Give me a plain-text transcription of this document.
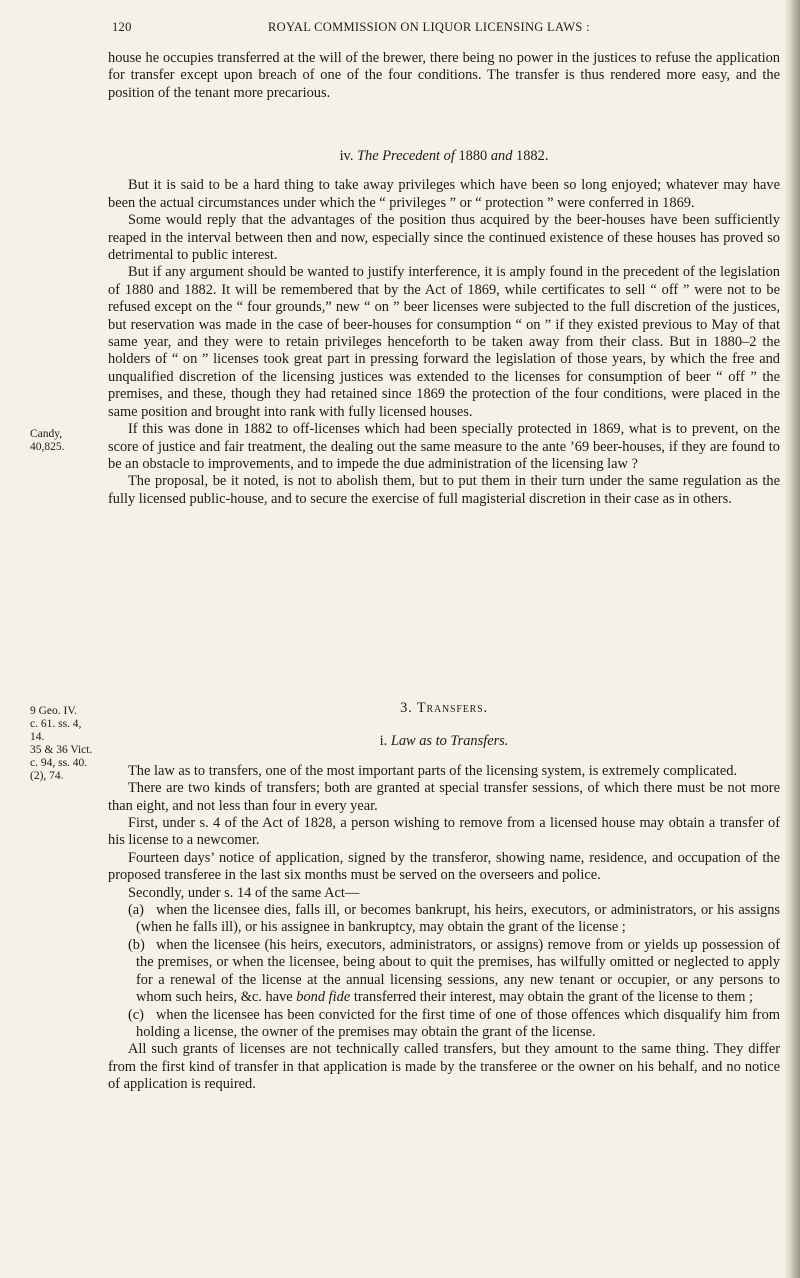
120	ROYAL COMMISSION ON LIQUOR LICENSING LAWS :

house he occupies transferred at the will of the brewer, there being no power in the justices to refuse the application for transfer except upon breach of one of the four conditions. The transfer is thus rendered more easy, and the position of the tenant more precarious.

iv. The Precedent of 1880 and 1882.

But it is said to be a hard thing to take away privileges which have been so long enjoyed; whatever may have been the actual circumstances under which the “ privileges ” or “ protection ” were conferred in 1869.

Some would reply that the advantages of the position thus acquired by the beer-houses have been sufficiently reaped in the interval between then and now, especially since the continued existence of these houses has proved so detrimental to public interest.

But if any argument should be wanted to justify interference, it is amply found in the precedent of the legislation of 1880 and 1882. It will be remembered that by the Act of 1869, while certificates to sell “ off ” were not to be refused except on the “ four grounds,” new “ on ” beer licenses were subjected to the full discretion of the justices, but reservation was made in the case of beer-houses for consumption “ on ” if they existed previous to May of that same year, and they were to retain privileges henceforth to be taken away from their class. But in 1880–2 the holders of “ on ” licenses took great part in pressing forward the legislation of those years, by which the free and unqualified discretion of the licensing justices was extended to the licenses for consumption of beer “ off ” the premises, and these, though they had retained since 1869 the protection of the four conditions, were placed in the same position and brought into rank with fully licensed houses.

If this was done in 1882 to off-licenses which had been specially protected in 1869, what is to prevent, on the score of justice and fair treatment, the dealing out the same measure to the ante ’69 beer-houses, if they are found to be an obstacle to improvements, and to impede the due administration of the licensing law ?

The proposal, be it noted, is not to abolish them, but to put them in their turn under the same regulation as the fully licensed public-house, and to secure the exercise of full magisterial discretion in their case as in others.

Candy,
40,825.
9 Geo. IV.
c. 61. ss. 4,
14.
35 & 36 Vict.
c. 94, ss. 40.
(2), 74.
3. Transfers.
i. Law as to Transfers.

The law as to transfers, one of the most important parts of the licensing system, is extremely complicated.

There are two kinds of transfers; both are granted at special transfer sessions, of which there must be not more than eight, and not less than four in every year.

First, under s. 4 of the Act of 1828, a person wishing to remove from a licensed house may obtain a transfer of his license to a newcomer.

Fourteen days’ notice of application, signed by the transferor, showing name, residence, and occupation of the proposed transferee in the last six months must be served on the overseers and police.

Secondly, under s. 14 of the same Act—

(a) when the licensee dies, falls ill, or becomes bankrupt, his heirs, executors, or administrators, or his assigns (when he falls ill), or his assignee in bankruptcy, may obtain the grant of the license ;

(b) when the licensee (his heirs, executors, administrators, or assigns) remove from or yields up possession of the premises, or when the licensee, being about to quit the premises, has wilfully omitted or neglected to apply for a renewal of the license at the annual licensing sessions, any new tenant or occupier, or any persons to whom such heirs, &c. have bond fide transferred their interest, may obtain the grant of the license to them ;

(c) when the licensee has been convicted for the first time of one of those offences which disqualify him from holding a license, the owner of the premises may obtain the grant of the license.

All such grants of licenses are not technically called transfers, but they amount to the same thing. They differ from the first kind of transfer in that application is made by the transferee or the owner on his behalf, and no notice of application is required.
